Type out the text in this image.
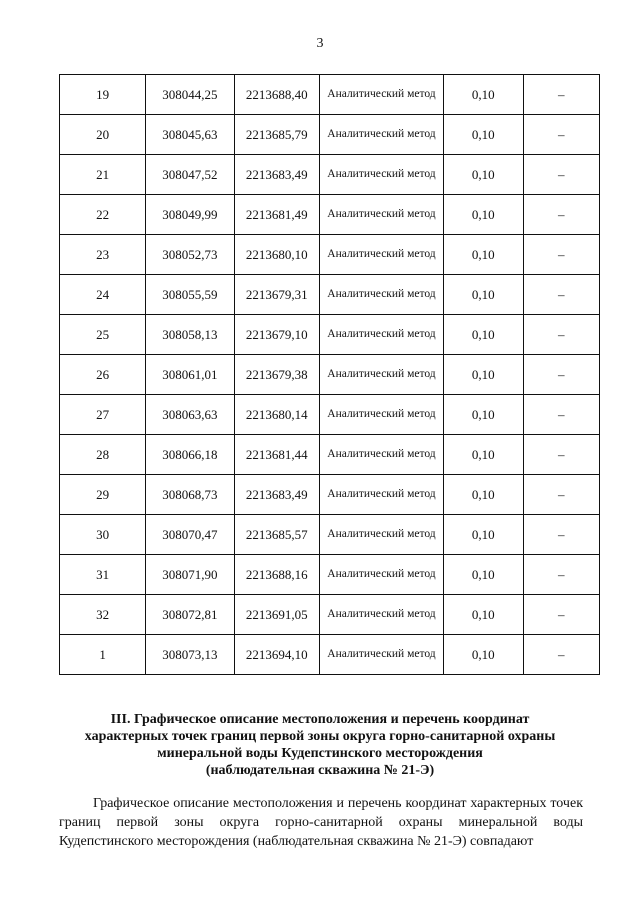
3
19	308044,25	2213688,40	Аналитический метод	0,10	–
20	308045,63	2213685,79	Аналитический метод	0,10	–
21	308047,52	2213683,49	Аналитический метод	0,10	–
22	308049,99	2213681,49	Аналитический метод	0,10	–
23	308052,73	2213680,10	Аналитический метод	0,10	–
24	308055,59	2213679,31	Аналитический метод	0,10	–
25	308058,13	2213679,10	Аналитический метод	0,10	–
26	308061,01	2213679,38	Аналитический метод	0,10	–
27	308063,63	2213680,14	Аналитический метод	0,10	–
28	308066,18	2213681,44	Аналитический метод	0,10	–
29	308068,73	2213683,49	Аналитический метод	0,10	–
30	308070,47	2213685,57	Аналитический метод	0,10	–
31	308071,90	2213688,16	Аналитический метод	0,10	–
32	308072,81	2213691,05	Аналитический метод	0,10	–
1	308073,13	2213694,10	Аналитический метод	0,10	–
III. Графическое описание местоположения и перечень координат
характерных точек границ первой зоны округа горно-санитарной охраны
минеральной воды Кудепстинского месторождения
(наблюдательная скважина № 21-Э)
Графическое описание местоположения и перечень координат характерных точек границ первой зоны округа горно-санитарной охраны минеральной воды Кудепстинского месторождения (наблюдательная скважина № 21-Э) совпадают
